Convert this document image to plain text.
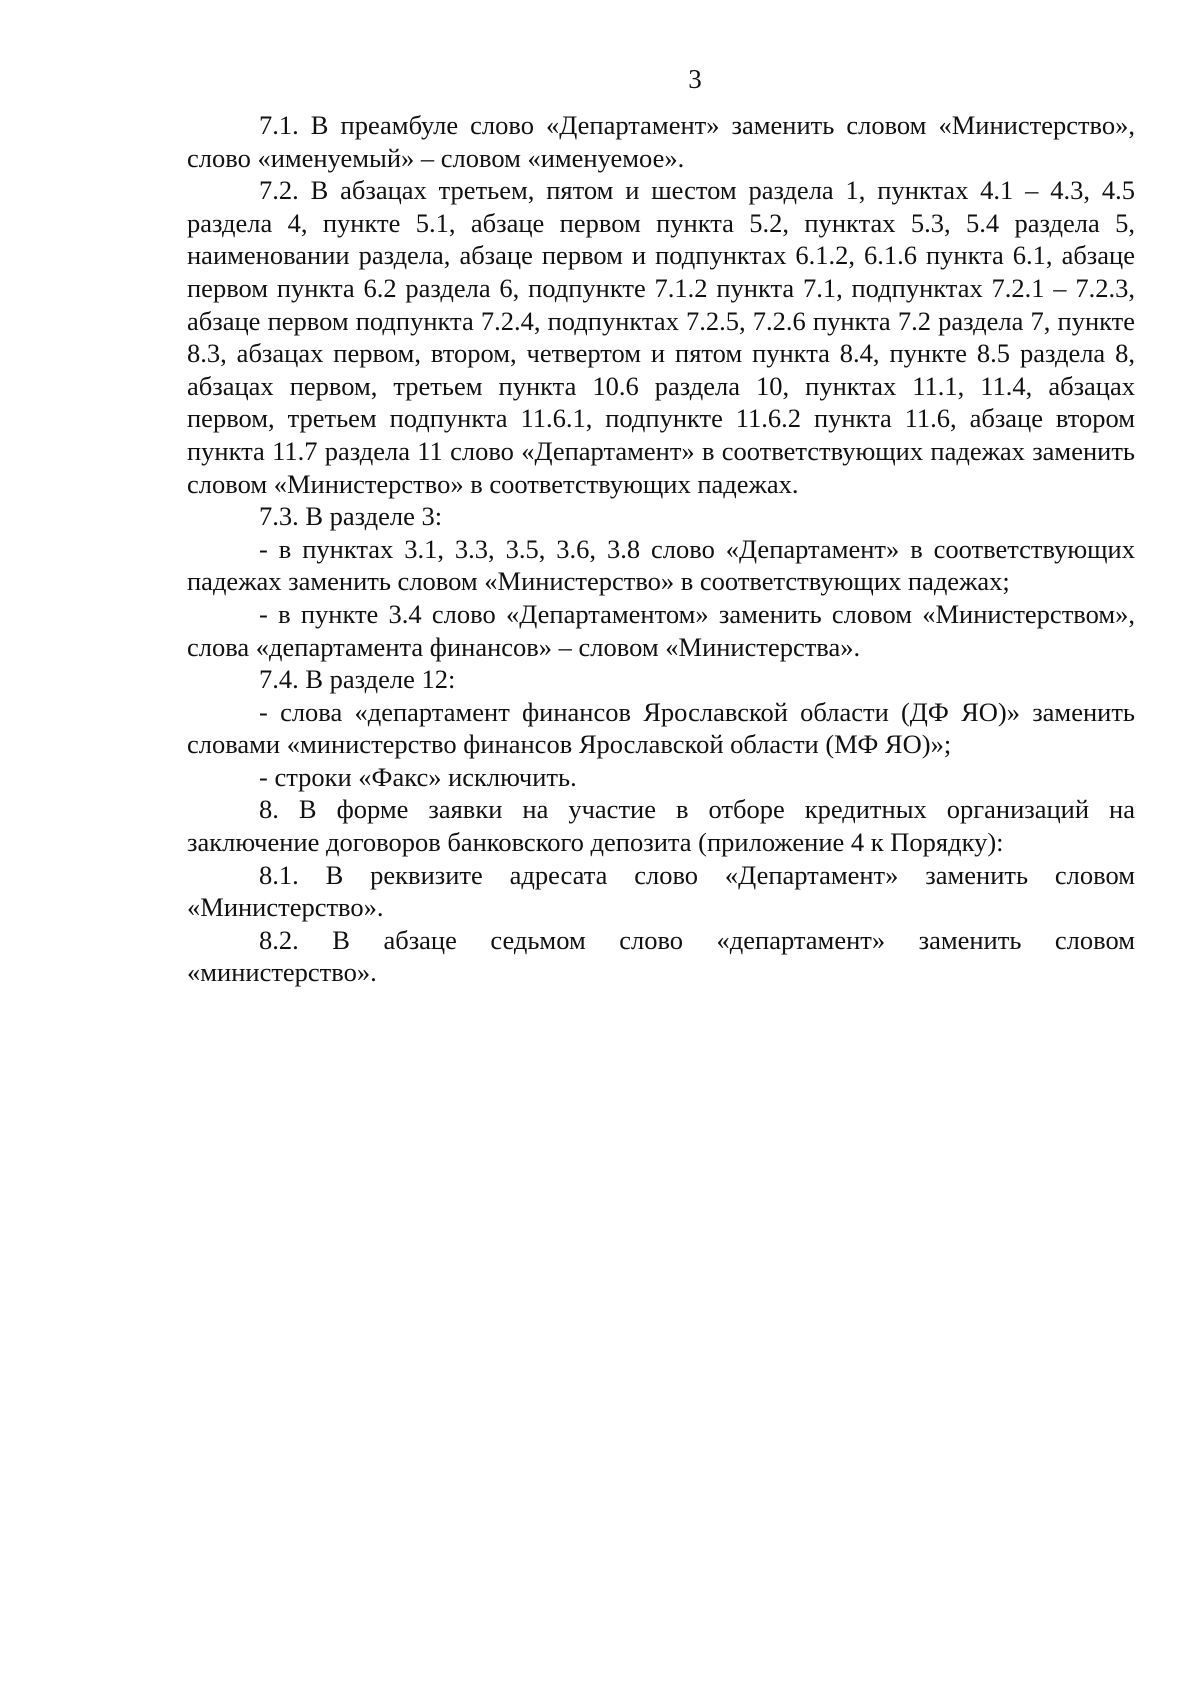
3

7.1. В преамбуле слово «Департамент» заменить словом «Министерство», слово «именуемый» – словом «именуемое».

7.2. В абзацах третьем, пятом и шестом раздела 1, пунктах 4.1 – 4.3, 4.5 раздела 4, пункте 5.1, абзаце первом пункта 5.2, пунктах 5.3, 5.4 раздела 5, наименовании раздела, абзаце первом и подпунктах 6.1.2, 6.1.6 пункта 6.1, абзаце первом пункта 6.2 раздела 6, подпункте 7.1.2 пункта 7.1, подпунктах 7.2.1 – 7.2.3, абзаце первом подпункта 7.2.4, подпунктах 7.2.5, 7.2.6 пункта 7.2 раздела 7, пункте 8.3, абзацах первом, втором, четвертом и пятом пункта 8.4, пункте 8.5 раздела 8, абзацах первом, третьем пункта 10.6 раздела 10, пунктах 11.1, 11.4, абзацах первом, третьем подпункта 11.6.1, подпункте 11.6.2 пункта 11.6, абзаце втором пункта 11.7 раздела 11 слово «Департамент» в соответствующих падежах заменить словом «Министерство» в соответствующих падежах.

7.3. В разделе 3:

- в пунктах 3.1, 3.3, 3.5, 3.6, 3.8 слово «Департамент» в соответствующих падежах заменить словом «Министерство» в соответствующих падежах;

- в пункте 3.4 слово «Департаментом» заменить словом «Министерством», слова «департамента финансов» – словом «Министерства».

7.4. В разделе 12:

- слова «департамент финансов Ярославской области (ДФ ЯО)» заменить словами «министерство финансов Ярославской области (МФ ЯО)»;

- строки «Факс» исключить.

8. В форме заявки на участие в отборе кредитных организаций на заключение договоров банковского депозита (приложение 4 к Порядку):

8.1. В реквизите адресата слово «Департамент» заменить словом «Министерство».

8.2. В абзаце седьмом слово «департамент» заменить словом «министерство».
